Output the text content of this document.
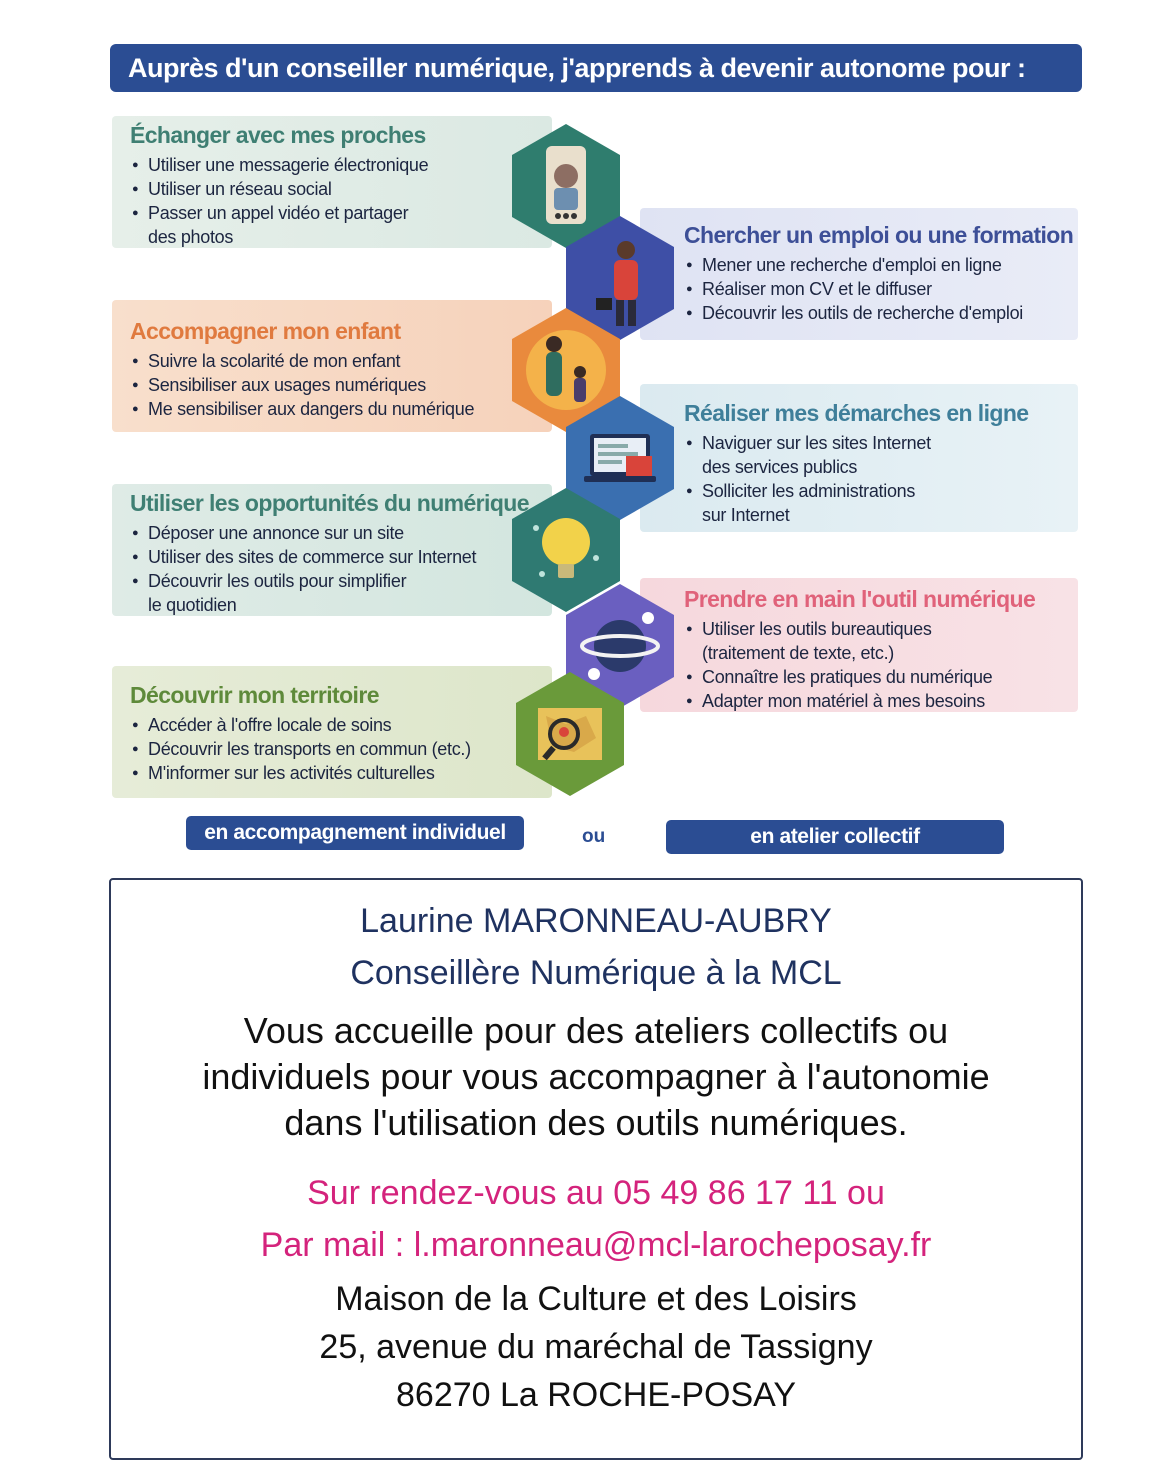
Auprès d'un conseiller numérique, j'apprends à devenir autonome pour :
Échanger avec mes proches
● Utiliser une messagerie électronique
● Utiliser un réseau social
● Passer un appel vidéo et partager
des photos	Chercher un emploi ou une formation
● Mener une recherche d'emploi en ligne
● Réaliser mon CV et le diffuser
● Découvrir les outils de recherche d'emploi
Accompagner mon enfant
● Suivre la scolarité de mon enfant
● Sensibiliser aux usages numériques
● Me sensibiliser aux dangers du numérique	Réaliser mes démarches en ligne
● Naviguer sur les sites Internet
des services publics
● Solliciter les administrations
sur Internet
Utiliser les opportunités du numérique
● Déposer une annonce sur un site
● Utiliser des sites de commerce sur Internet
● Découvrir les outils pour simplifier
le quotidien	Prendre en main l'outil numérique
● Utiliser les outils bureautiques
(traitement de texte, etc.)
● Connaître les pratiques du numérique
● Adapter mon matériel à mes besoins
Découvrir mon territoire
● Accéder à l'offre locale de soins
● Découvrir les transports en commun (etc.)
● M'informer sur les activités culturelles
en accompagnement individuel	ou	en atelier collectif
Laurine MARONNEAU-AUBRY
Conseillère Numérique à la MCL
Vous accueille pour des ateliers collectifs ou
individuels pour vous accompagner à l'autonomie
dans l'utilisation des outils numériques.
Sur rendez-vous au 05 49 86 17 11 ou
Par mail : l.maronneau@mcl-larocheposay.fr
Maison de la Culture et des Loisirs
25, avenue du maréchal de Tassigny
86270 La ROCHE-POSAY
